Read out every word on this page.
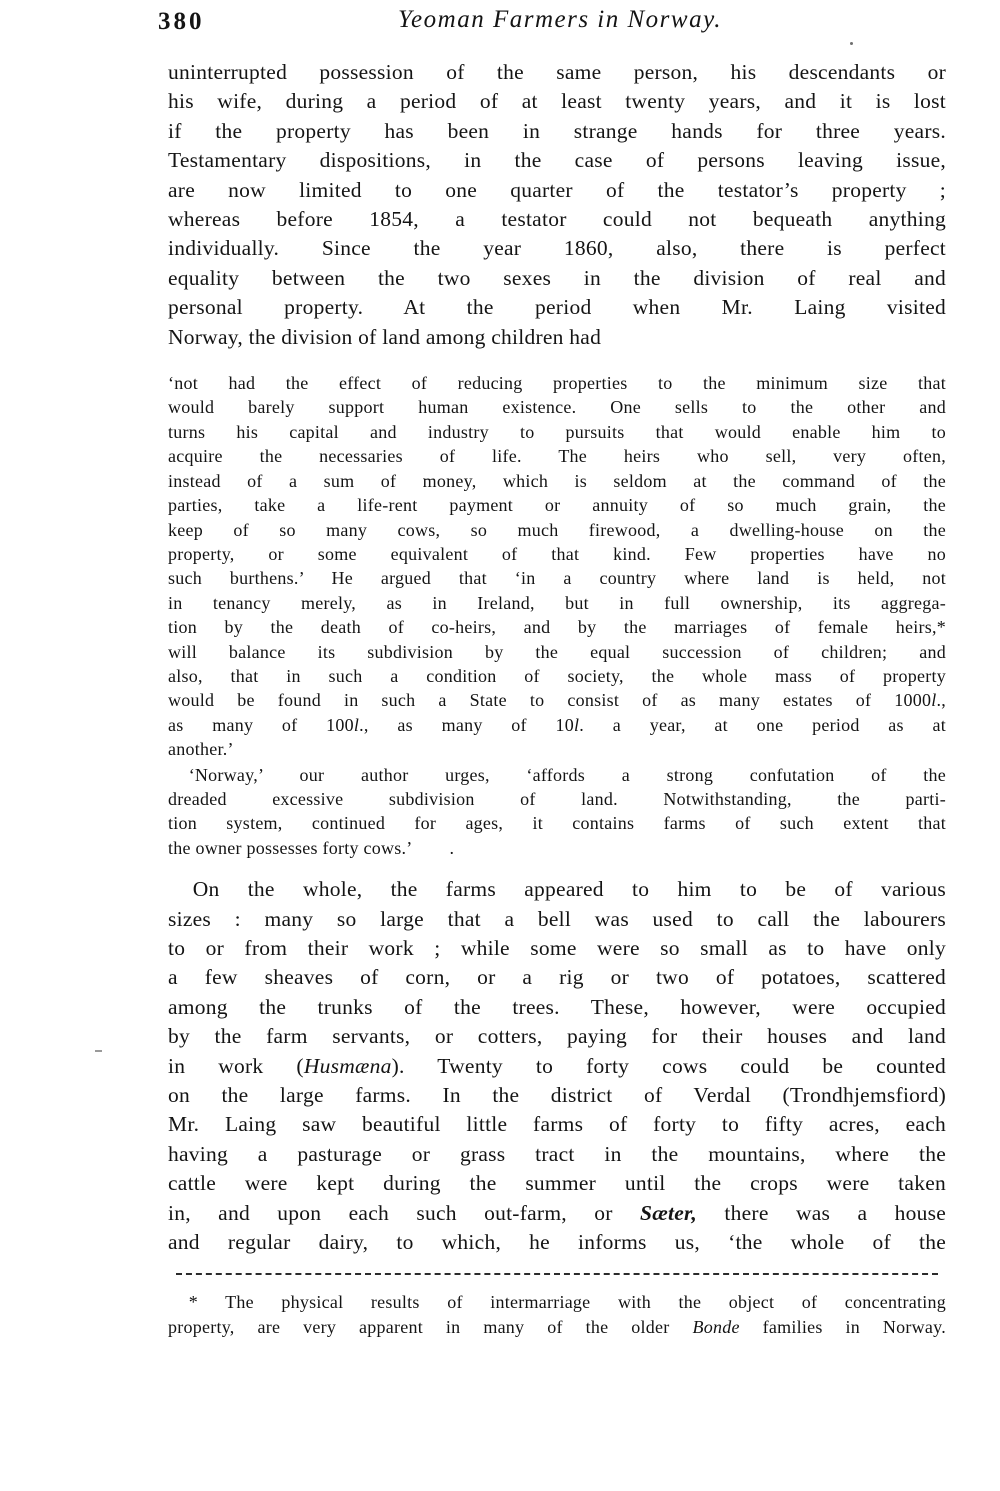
380	Yeoman Farmers in Norway.
uninterrupted possession of the same person, his descendants or
his wife, during a period of at least twenty years, and it is lost
if the property has been in strange hands for three years.
Testamentary dispositions, in the case of persons leaving issue,
are now limited to one quarter of the testator’s property ;
whereas before 1854, a testator could not bequeath anything
individually. Since the year 1860, also, there is perfect
equality between the two sexes in the division of real and
personal property. At the period when Mr. Laing visited
Norway, the division of land among children had
‘not had the effect of reducing properties to the minimum size that
would barely support human existence. One sells to the other and
turns his capital and industry to pursuits that would enable him to
acquire the necessaries of life. The heirs who sell, very often,
instead of a sum of money, which is seldom at the command of the
parties, take a life-rent payment or annuity of so much grain, the
keep of so many cows, so much firewood, a dwelling-house on the
property, or some equivalent of that kind. Few properties have no
such burthens.’ He argued that ‘in a country where land is held, not
in tenancy merely, as in Ireland, but in full ownership, its aggrega-
tion by the death of co-heirs, and by the marriages of female heirs,*
will balance its subdivision by the equal succession of children; and
also, that in such a condition of society, the whole mass of property
would be found in such a State to consist of as many estates of 1000l.,
as many of 100l., as many of 10l. a year, at one period as at
another.’
‘Norway,’ our author urges, ‘affords a strong confutation of the
dreaded excessive subdivision of land. Notwithstanding, the parti-
tion system, continued for ages, it contains farms of such extent that
the owner possesses forty cows.’    .
On the whole, the farms appeared to him to be of various
sizes : many so large that a bell was used to call the labourers
to or from their work ; while some were so small as to have only
a few sheaves of corn, or a rig or two of potatoes, scattered
among the trunks of the trees. These, however, were occupied
by the farm servants, or cotters, paying for their houses and land
in work (Husmæna). Twenty to forty cows could be counted
on the large farms. In the district of Verdal (Trondhjemsfiord)
Mr. Laing saw beautiful little farms of forty to fifty acres, each
having a pasturage or grass tract in the mountains, where the
cattle were kept during the summer until the crops were taken
in, and upon each such out-farm, or Sæter, there was a house
and regular dairy, to which, he informs us, ‘the whole of the
* The physical results of intermarriage with the object of concentrating
property, are very apparent in many of the older Bonde families in Norway.
